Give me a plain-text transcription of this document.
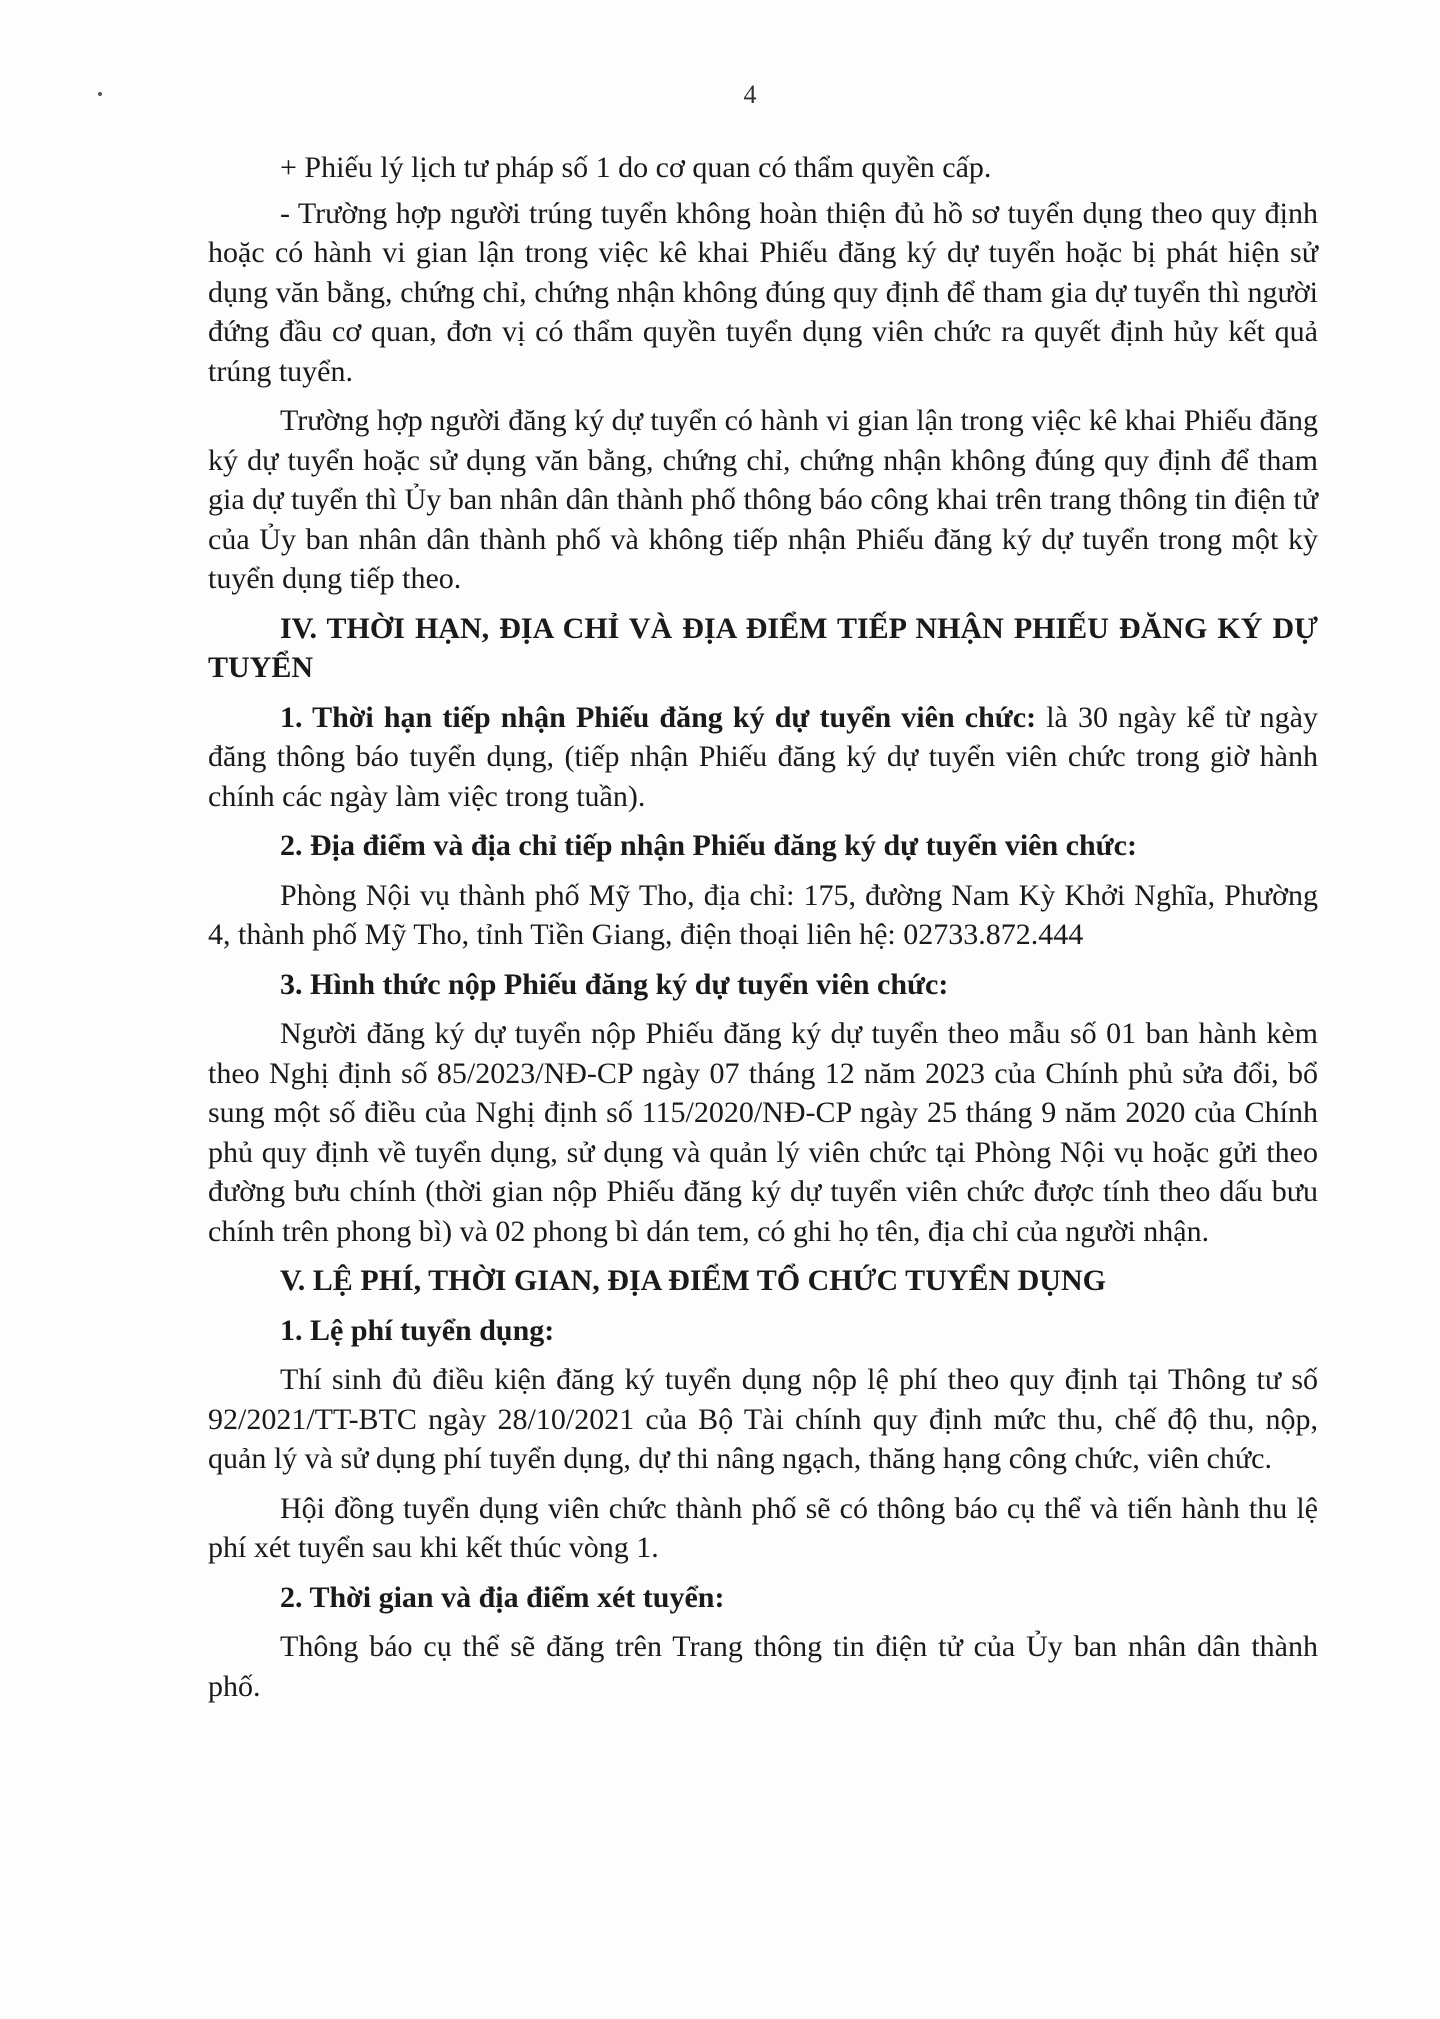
4

+ Phiếu lý lịch tư pháp số 1 do cơ quan có thẩm quyền cấp.

- Trường hợp người trúng tuyển không hoàn thiện đủ hồ sơ tuyển dụng theo quy định hoặc có hành vi gian lận trong việc kê khai Phiếu đăng ký dự tuyển hoặc bị phát hiện sử dụng văn bằng, chứng chỉ, chứng nhận không đúng quy định để tham gia dự tuyển thì người đứng đầu cơ quan, đơn vị có thẩm quyền tuyển dụng viên chức ra quyết định hủy kết quả trúng tuyển.

Trường hợp người đăng ký dự tuyển có hành vi gian lận trong việc kê khai Phiếu đăng ký dự tuyển hoặc sử dụng văn bằng, chứng chỉ, chứng nhận không đúng quy định để tham gia dự tuyển thì Ủy ban nhân dân thành phố thông báo công khai trên trang thông tin điện tử của Ủy ban nhân dân thành phố và không tiếp nhận Phiếu đăng ký dự tuyển trong một kỳ tuyển dụng tiếp theo.

IV. THỜI HẠN, ĐỊA CHỈ VÀ ĐỊA ĐIỂM TIẾP NHẬN PHIẾU ĐĂNG KÝ DỰ TUYỂN

1. Thời hạn tiếp nhận Phiếu đăng ký dự tuyển viên chức: là 30 ngày kể từ ngày đăng thông báo tuyển dụng, (tiếp nhận Phiếu đăng ký dự tuyển viên chức trong giờ hành chính các ngày làm việc trong tuần).

2. Địa điểm và địa chỉ tiếp nhận Phiếu đăng ký dự tuyển viên chức:

Phòng Nội vụ thành phố Mỹ Tho, địa chỉ: 175, đường Nam Kỳ Khởi Nghĩa, Phường 4, thành phố Mỹ Tho, tỉnh Tiền Giang, điện thoại liên hệ: 02733.872.444

3. Hình thức nộp Phiếu đăng ký dự tuyển viên chức:

Người đăng ký dự tuyển nộp Phiếu đăng ký dự tuyển theo mẫu số 01 ban hành kèm theo Nghị định số 85/2023/NĐ-CP ngày 07 tháng 12 năm 2023 của Chính phủ sửa đổi, bổ sung một số điều của Nghị định số 115/2020/NĐ-CP ngày 25 tháng 9 năm 2020 của Chính phủ quy định về tuyển dụng, sử dụng và quản lý viên chức tại Phòng Nội vụ hoặc gửi theo đường bưu chính (thời gian nộp Phiếu đăng ký dự tuyển viên chức được tính theo dấu bưu chính trên phong bì) và 02 phong bì dán tem, có ghi họ tên, địa chỉ của người nhận.

V. LỆ PHÍ, THỜI GIAN, ĐỊA ĐIỂM TỔ CHỨC TUYỂN DỤNG

1. Lệ phí tuyển dụng:

Thí sinh đủ điều kiện đăng ký tuyển dụng nộp lệ phí theo quy định tại Thông tư số 92/2021/TT-BTC ngày 28/10/2021 của Bộ Tài chính quy định mức thu, chế độ thu, nộp, quản lý và sử dụng phí tuyển dụng, dự thi nâng ngạch, thăng hạng công chức, viên chức.

Hội đồng tuyển dụng viên chức thành phố sẽ có thông báo cụ thể và tiến hành thu lệ phí xét tuyển sau khi kết thúc vòng 1.

2. Thời gian và địa điểm xét tuyển:

Thông báo cụ thể sẽ đăng trên Trang thông tin điện tử của Ủy ban nhân dân thành phố.
